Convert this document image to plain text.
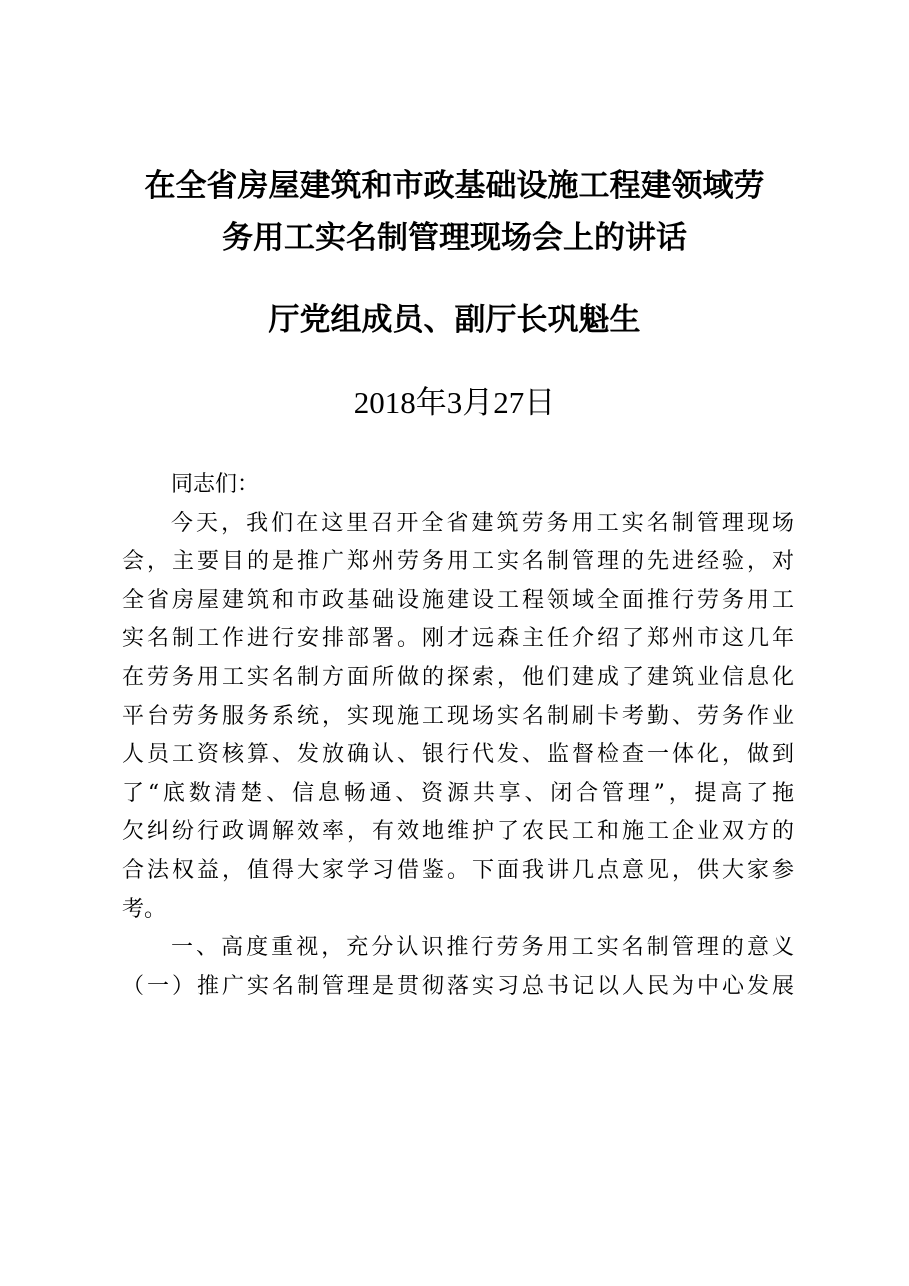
在全省房屋建筑和市政基础设施工程建领域劳
务用工实名制管理现场会上的讲话
厅党组成员、副厅长巩魁生
2018年3月27日
同志们：
今天，我们在这里召开全省建筑劳务用工实名制管理现场
会，主要目的是推广郑州劳务用工实名制管理的先进经验，对
全省房屋建筑和市政基础设施建设工程领域全面推行劳务用工
实名制工作进行安排部署。刚才远森主任介绍了郑州市这几年
在劳务用工实名制方面所做的探索，他们建成了建筑业信息化
平台劳务服务系统，实现施工现场实名制刷卡考勤、劳务作业
人员工资核算、发放确认、银行代发、监督检查一体化，做到
了“底数清楚、信息畅通、资源共享、闭合管理”，提高了拖
欠纠纷行政调解效率，有效地维护了农民工和施工企业双方的
合法权益，值得大家学习借鉴。下面我讲几点意见，供大家参
考。
一、高度重视，充分认识推行劳务用工实名制管理的意义
（一）推广实名制管理是贯彻落实习总书记以人民为中心发展
